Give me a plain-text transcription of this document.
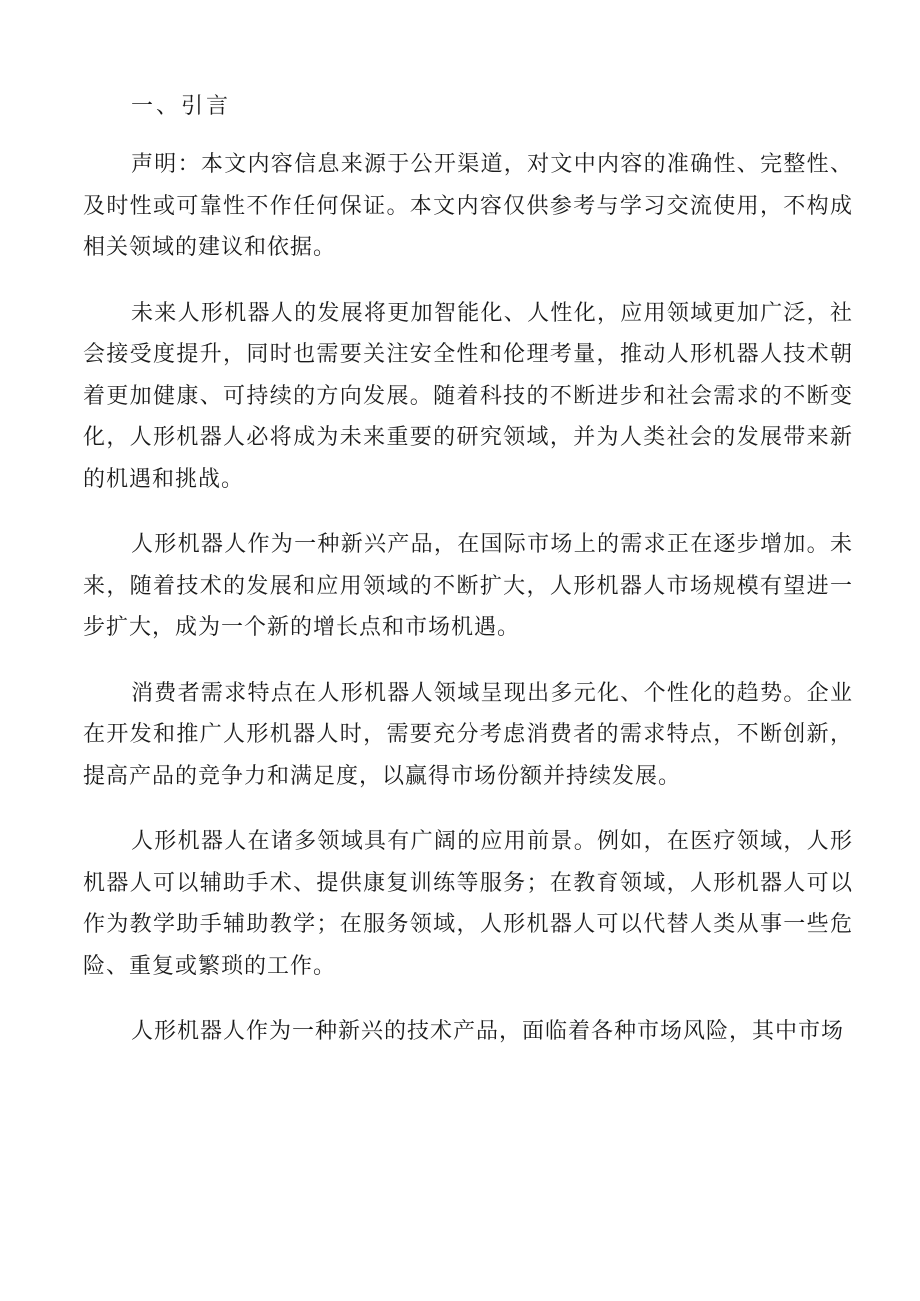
一、引言

声明：本文内容信息来源于公开渠道，对文中内容的准确性、完整性、及时性或可靠性不作任何保证。本文内容仅供参考与学习交流使用，不构成相关领域的建议和依据。

未来人形机器人的发展将更加智能化、人性化，应用领域更加广泛，社会接受度提升，同时也需要关注安全性和伦理考量，推动人形机器人技术朝着更加健康、可持续的方向发展。随着科技的不断进步和社会需求的不断变化，人形机器人必将成为未来重要的研究领域，并为人类社会的发展带来新的机遇和挑战。

人形机器人作为一种新兴产品，在国际市场上的需求正在逐步增加。未来，随着技术的发展和应用领域的不断扩大，人形机器人市场规模有望进一步扩大，成为一个新的增长点和市场机遇。

消费者需求特点在人形机器人领域呈现出多元化、个性化的趋势。企业在开发和推广人形机器人时，需要充分考虑消费者的需求特点，不断创新，提高产品的竞争力和满足度，以赢得市场份额并持续发展。

人形机器人在诸多领域具有广阔的应用前景。例如，在医疗领域，人形机器人可以辅助手术、提供康复训练等服务；在教育领域，人形机器人可以作为教学助手辅助教学；在服务领域，人形机器人可以代替人类从事一些危险、重复或繁琐的工作。

人形机器人作为一种新兴的技术产品，面临着各种市场风险，其中市场
